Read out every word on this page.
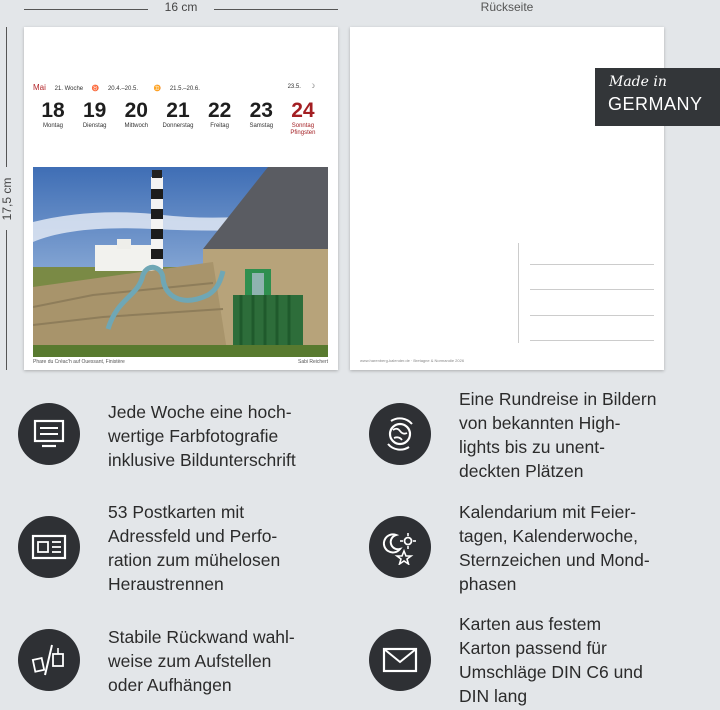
16 cm
17,5 cm
Rückseite
Mai 21. Woche ♉ 20.4.–20.5.	♊ 21.5.–20.6.	23.5. ☽
18
Montag
19
Dienstag
20
Mittwoch
21
Donnerstag
22
Freitag
23
Samstag
24
Sonntag
Pfingsten
Phare du Créac'h auf Ouessant, Finistère	Sabi Reichert	www.harenberg-kalender.de · Bretagne & Normandie 2026
Made in
GERMANY
Jede Woche eine hoch-
wertige Farbfotografie
inklusive Bildunterschrift
Eine Rundreise in Bildern
von bekannten High-
lights bis zu unent-
deckten Plätzen
53 Postkarten mit
Adressfeld und Perfo-
ration zum mühelosen
Heraustrennen
Kalendarium mit Feier-
tagen, Kalenderwoche,
Sternzeichen und Mond-
phasen
Stabile Rückwand wahl-
weise zum Aufstellen
oder Aufhängen
Karten aus festem
Karton passend für
Umschläge DIN C6 und
DIN lang
